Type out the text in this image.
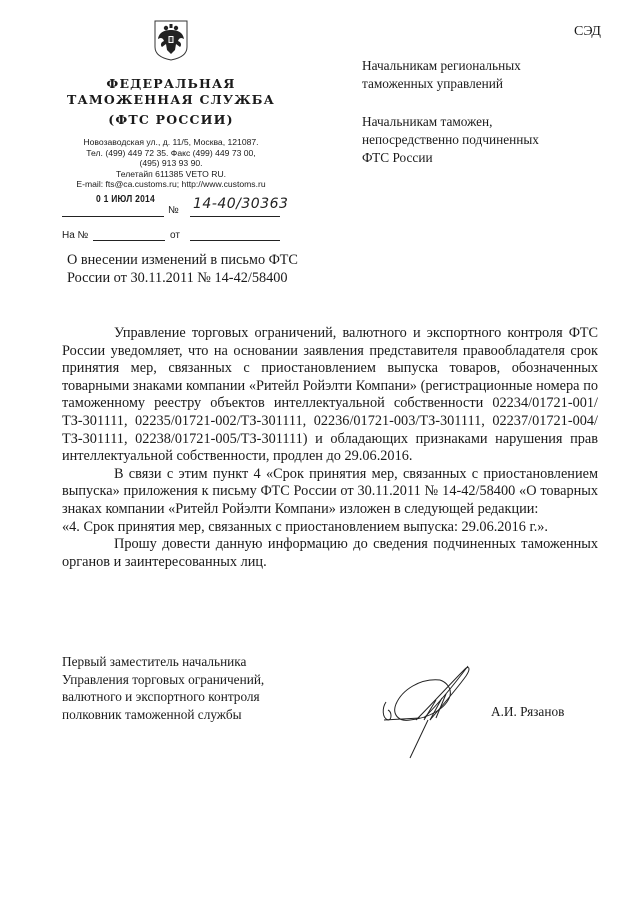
СЭД
ФЕДЕРАЛЬНАЯ
ТАМОЖЕННАЯ СЛУЖБА
(ФТС РОССИИ)
Новозаводская ул., д. 11/5, Москва, 121087.
Тел. (499) 449 72 35. Факс (499) 449 73 00,
(495) 913 93 90.
Телетайп 611385 VETO RU.
E-mail: fts@ca.customs.ru; http://www.customs.ru
0 1 ИЮЛ 2014
№ 14-40/30363
На №	от
О внесении изменений в письмо ФТС
России от 30.11.2011 № 14-42/58400
Начальникам региональных
таможенных управлений
Начальникам таможен,
непосредственно подчиненных
ФТС России

Управление торговых ограничений, валютного и экспортного контроля ФТС России уведомляет, что на основании заявления представителя правообладателя срок принятия мер, связанных с приостановлением выпуска товаров, обозначенных товарными знаками компании «Ритейл Ройэлти Компани» (регистрационные номера по таможенному реестру объектов интеллектуальной собственности 02234/01721-001/ТЗ-301111, 02235/01721-002/ТЗ-301111, 02236/01721-003/ТЗ-301111, 02237/01721-004/ТЗ-301111, 02238/01721-005/ТЗ-301111) и обладающих признаками нарушения прав интеллектуальной собственности, продлен до 29.06.2016.

В связи с этим пункт 4 «Срок принятия мер, связанных с приостановлением выпуска» приложения к письму ФТС России от 30.11.2011 № 14-42/58400 «О товарных знаках компании «Ритейл Ройэлти Компани» изложен в следующей редакции:

«4. Срок принятия мер, связанных с приостановлением выпуска: 29.06.2016 г.».

Прошу довести данную информацию до сведения подчиненных таможенных органов и заинтересованных лиц.

Первый заместитель начальника
Управления торговых ограничений,
валютного и экспортного контроля
полковник таможенной службы	А.И. Рязанов
